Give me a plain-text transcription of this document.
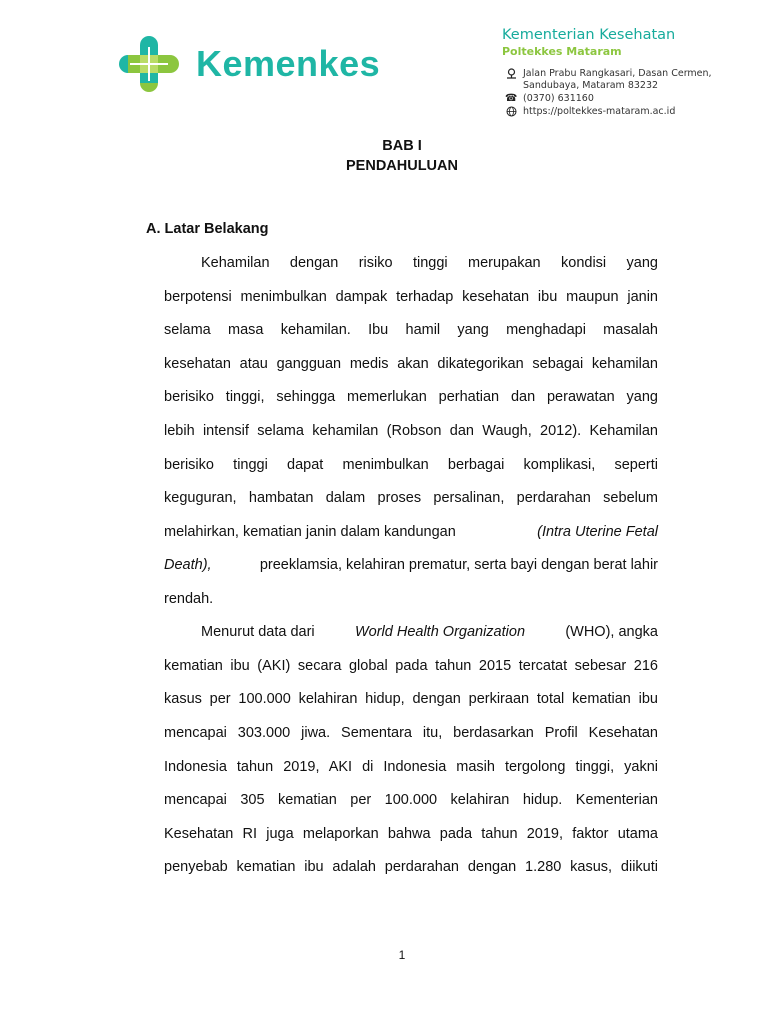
Kemenkes
Kementerian Kesehatan
Poltekkes Mataram
Jalan Prabu Rangkasari, Dasan Cermen,
Sandubaya, Mataram 83232
☎ (0370) 631160
https://poltekkes-mataram.ac.id
BAB I
PENDAHULUAN
A. Latar Belakang
Kehamilan dengan risiko tinggi merupakan kondisi yang
berpotensi menimbulkan dampak terhadap kesehatan ibu maupun janin
selama masa kehamilan. Ibu hamil yang menghadapi masalah
kesehatan atau gangguan medis akan dikategorikan sebagai kehamilan
berisiko tinggi, sehingga memerlukan perhatian dan perawatan yang
lebih intensif selama kehamilan (Robson dan Waugh, 2012). Kehamilan
berisiko tinggi dapat menimbulkan berbagai komplikasi, seperti
keguguran, hambatan dalam proses persalinan, perdarahan sebelum
melahirkan, kematian janin dalam kandungan	(Intra Uterine Fetal
Death),	preeklamsia, kelahiran prematur, serta bayi dengan berat lahir
rendah.
Menurut data dari	World Health Organization	(WHO), angka
kematian ibu (AKI) secara global pada tahun 2015 tercatat sebesar 216
kasus per 100.000 kelahiran hidup, dengan perkiraan total kematian ibu
mencapai 303.000 jiwa. Sementara itu, berdasarkan Profil Kesehatan
Indonesia tahun 2019, AKI di Indonesia masih tergolong tinggi, yakni
mencapai 305 kematian per 100.000 kelahiran hidup. Kementerian
Kesehatan RI juga melaporkan bahwa pada tahun 2019, faktor utama
penyebab kematian ibu adalah perdarahan dengan 1.280 kasus, diikuti
1
